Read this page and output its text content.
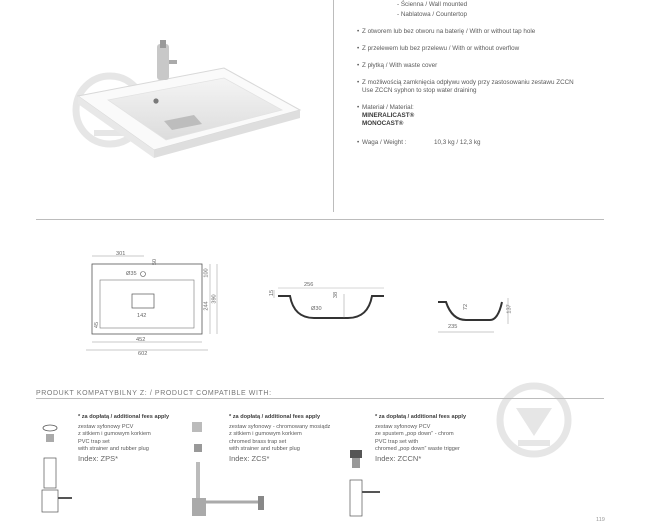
- Ścienna / Wall mounted
- Nablatowa / Countertop
• Z otworem lub bez otworu na baterię / With or without tap hole
• Z przelewem lub bez przelewu / With or without overflow
• Z płytką / With waste cover
• Z możliwością zamknięcia odpływu wody przy zastosowaniu zestawu ZCCN
Use ZCCN syphon to stop water draining
• Materiał / Material:
MINERALICAST®
MONOCAST®
• Waga / Weight :	10,3 kg / 12,3 kg
301
50
Ø35	100
244
390
45
142
452
602
256
15	38
Ø30	72	137
235
PRODUKT KOMPATYBILNY Z: / PRODUCT COMPATIBLE WITH:
* za dopłatą / additional fees apply
zestaw syfonowy PCV
z sitkiem i gumowym korkiem
PVC trap set
with strainer and rubber plug
Index: ZPS*
* za dopłatą / additional fees apply
zestaw syfonowy - chromowany mosiądz
z sitkiem i gumowym korkiem
chromed brass trap set
with strainer and rubber plug
Index: ZCS*
* za dopłatą / additional fees apply
zestaw syfonowy PCV
ze spustem „pop down” - chrom
PVC trap set with
chromed „pop down” waste trigger
Index: ZCCN*
119
